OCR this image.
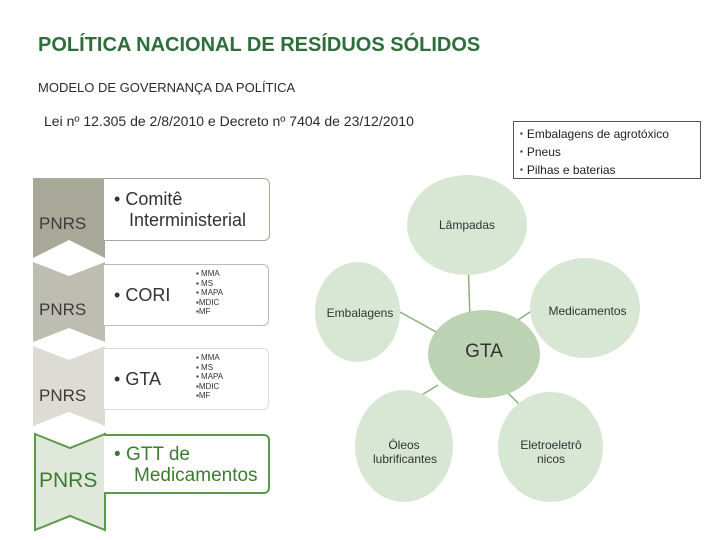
POLÍTICA NACIONAL DE RESÍDUOS SÓLIDOS
MODELO DE GOVERNANÇA DA POLÍTICA
Lei nº 12.305 de 2/8/2010 e Decreto nº 7404 de 23/12/2010
▪ Embalagens de agrotóxico
▪ Pneus
▪ Pilhas e baterias
PNRS
• Comitê
Interministerial
PNRS
• CORI
▪ MMA
▪ MS
▪ MAPA
▪MDIC
▪MF
PNRS
• GTA
▪ MMA
▪ MS
▪ MAPA
▪MDIC
▪MF
PNRS
• GTT de
Medicamentos
Lâmpadas
Embalagens	Medicamentos
GTA
Óleos lubrificantes
Eletroeletrô nicos
